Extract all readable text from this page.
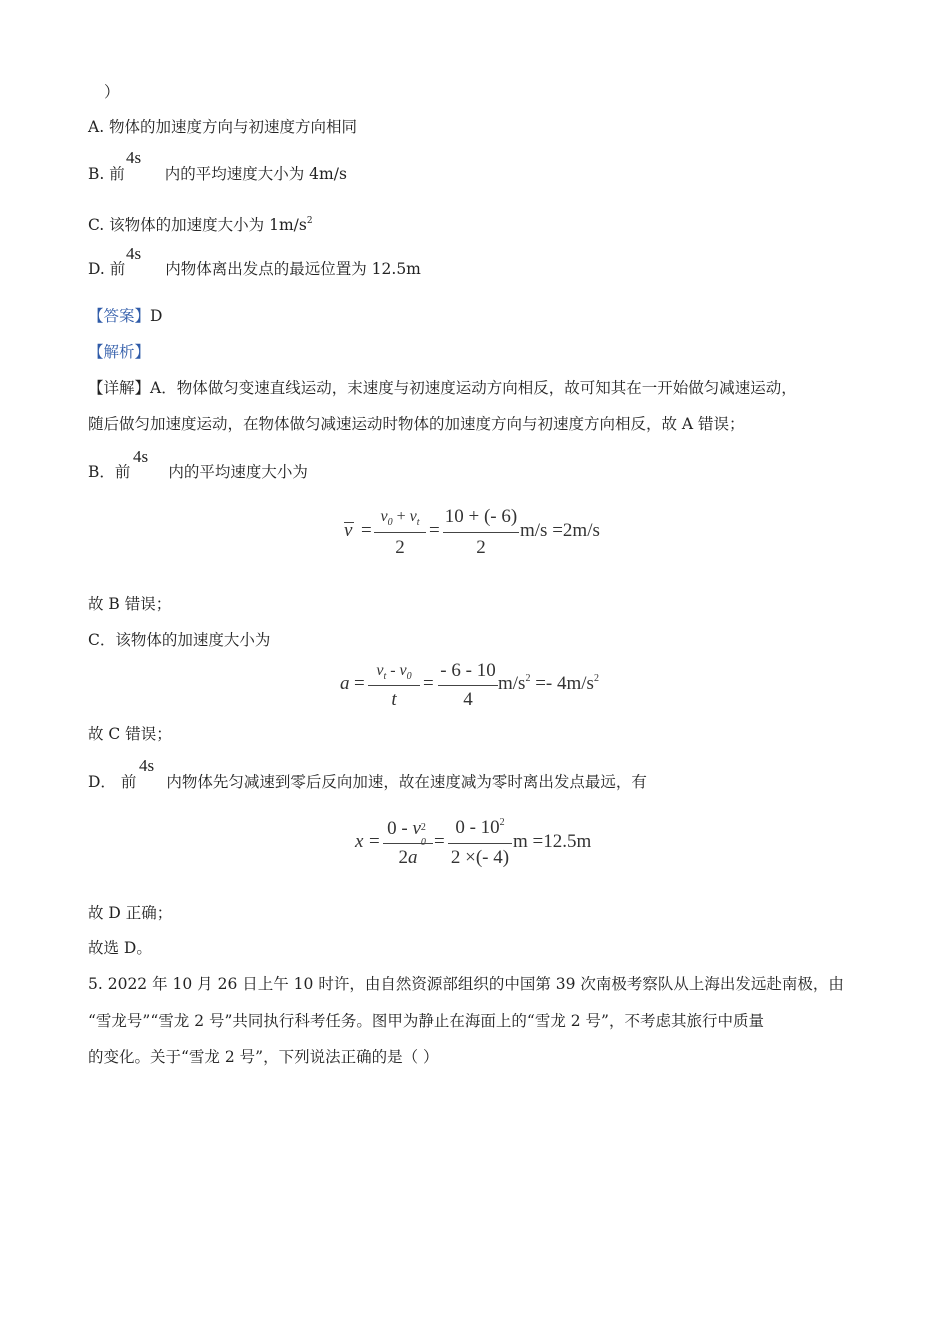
）
A. 物体的加速度方向与初速度方向相同
B. 前	内的平均速度大小为 4m/s
4s
C. 该物体的加速度大小为 $1m/s^2$
D. 前	内物体离出发点的最远位置为 12.5m
4s
【答案】D
【解析】
【详解】A．物体做匀变速直线运动，末速度与初速度运动方向相反，故可知其在一开始做匀减速运动，
随后做匀加速度运动，在物体做匀减速运动时物体的加速度方向与初速度方向相反，故 A 错误；
B．前 内的平均速度大小为
4s
v =
$v_0 + v_t$
2
=
10 + (- 6)
2
m/s =2m/s
故 B 错误；
C．该物体的加速度大小为
a =
$v_t - v_0$
t
=
- 6 - 10
4
$m/s^2 =- 4m/s^2$
故 C 错误；
D． 前 内物体先匀减速到零后反向加速，故在速度减为零时离出发点最远，有
4s
x =
0 - v 2
0
2a
=
$0 - 10^2$
2 ×(- 4)
m =12.5m
故 D 正确；
故选 D。
5. 2022 年 10 月 26 日上午 10 时许，由自然资源部组织的中国第 39 次南极考察队从上海出发远赴南极，由
“雪龙号”“雪龙 2 号”共同执行科考任务。图甲为静止在海面上的“雪龙 2 号”，不考虑其旅行中质量
的变化。关于“雪龙 2 号”，下列说法正确的是（ ）
